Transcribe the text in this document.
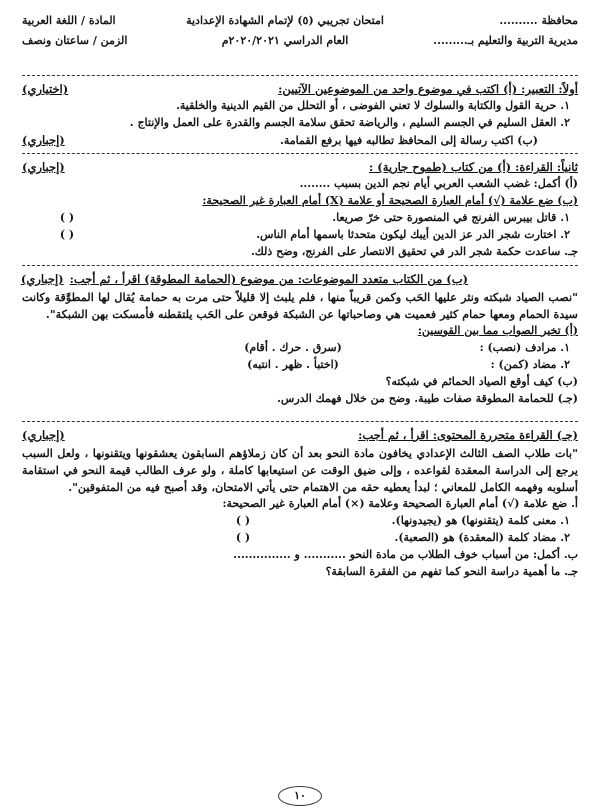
محافظة ..........
امتحان تجريبي (٥) لإتمام الشهادة الإعدادية
المادة / اللغة العربية
مديرية التربية والتعليم بـ.........
العام الدراسي ٢٠٢٠/٢٠٢١م
الزمن / ساعتان ونصف
أولاً: التعبير: (أ) اكتب في موضوع واحد من الموضوعين الآتيين:
(اختياري)
١. حرية القول والكتابة والسلوك لا تعني الفوضى ، أو التحلل من القيم الدينية والخلقية.
٢. العقل السليم في الجسم السليم ، والرياضة تحقق سلامة الجسم والقدرة على العمل والإنتاج .
(ب) اكتب رسالة إلى المحافظ تطالبه فيها برفع القمامة.
(إجباري)
ثانياً: القراءة: (أ) من كتاب (طموح جارية) :
(إجباري)
(أ) أكمل: غضب الشعب العربي أيام نجم الدين بسبب ........
(ب) ضع علامة (√) أمام العبارة الصحيحة أو علامة (X) أمام العبارة غير الصحيحة:
١. قاتل بيبرس الفرنج في المنصورة حتى خرّ صريعا.
( )
٢. اختارت شجر الدر عز الدين أيبك ليكون متحدثا باسمها أمام الناس.
( )
جـ. ساعدت حكمة شجر الدر في تحقيق الانتصار على الفرنج، وضح ذلك.
(ب) من الكتاب متعدد الموضوعات: من موضوع (الحمامة المطوقة) اقرأ ، ثم أجب:
(إجباري)

"نصب الصياد شبكته ونثر عليها الحَب وكمن قريباً منها ، فلم يلبث إلا قليلاً حتى مرت به حمامة يُقال لها المطوَّقة وكانت سيدة الحمام ومعها حمام كثير فعميت هي وصاحباتها عن الشبكة فوقعن على الحَب يلتقطنه فأمسكت بهن الشبكة".

(أ) تخير الصواب مما بين القوسين:
١. مرادف (نصب) :
(سرق . حرك . أقام)
٢. مضاد (كمن) :
(اختبأ . ظهر . انتبه)
(ب) كيف أوقع الصياد الحمائم في شبكته؟
(جـ) للحمامة المطوقة صفات طيبة. وضح من خلال فهمك الدرس.
(جـ) القراءة متحررة المحتوى: اقرأ ، ثم أجب:
(إجباري)

"بات طلاب الصف الثالث الإعدادي يخافون مادة النحو بعد أن كان زملاؤهم السابقون يعشقونها ويتقنونها ، ولعل السبب يرجع إلى الدراسة المعقدة لقواعده ، وإلى ضيق الوقت عن استيعابها كاملة ، ولو عرف الطالب قيمة النحو في استقامة أسلوبه وفهمه الكامل للمعاني ؛ لبدأ يعطيه حقه من الاهتمام حتى يأتي الامتحان، وقد أصبح فيه من المتفوقين".

أ. ضع علامة (√) أمام العبارة الصحيحة وعلامة (×) أمام العبارة غير الصحيحة:
١. معنى كلمة (يتقنونها) هو (يجيدونها).
( )
٢. مضاد كلمة (المعقدة) هو (الصعبة).
( )
ب. أكمل: من أسباب خوف الطلاب من مادة النحو ........... و ...............
جـ. ما أهمية دراسة النحو كما تفهم من الفقرة السابقة؟
١٠
